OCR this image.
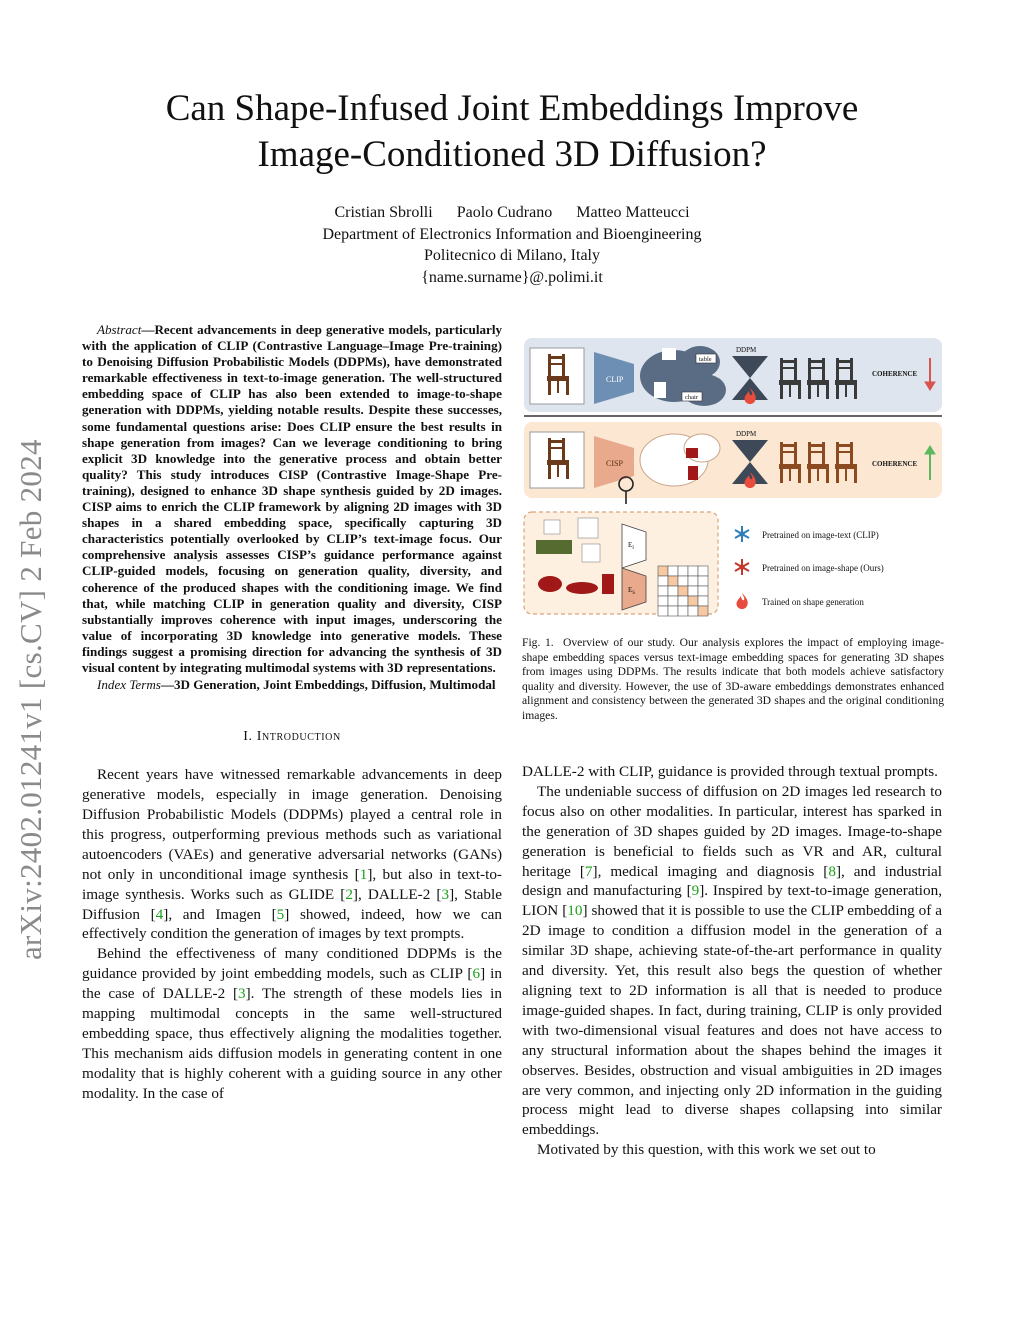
arXiv:2402.01241v1 [cs.CV] 2 Feb 2024
Can Shape-Infused Joint Embeddings Improve
Image-Conditioned 3D Diffusion?
Cristian Sbrolli Paolo Cudrano Matteo Matteucci
Department of Electronics Information and Bioengineering
Politecnico di Milano, Italy
{name.surname}@.polimi.it

Abstract—Recent advancements in deep generative models, particularly with the application of CLIP (Contrastive Language–Image Pre-training) to Denoising Diffusion Probabilistic Models (DDPMs), have demonstrated remarkable effectiveness in text-to-image generation. The well-structured embedding space of CLIP has also been extended to image-to-shape generation with DDPMs, yielding notable results. Despite these successes, some fundamental questions arise: Does CLIP ensure the best results in shape generation from images? Can we leverage conditioning to bring explicit 3D knowledge into the generative process and obtain better quality? This study introduces CISP (Contrastive Image-Shape Pre-training), designed to enhance 3D shape synthesis guided by 2D images. CISP aims to enrich the CLIP framework by aligning 2D images with 3D shapes in a shared embedding space, specifically capturing 3D characteristics potentially overlooked by CLIP’s text-image focus. Our comprehensive analysis assesses CISP’s guidance performance against CLIP-guided models, focusing on generation quality, diversity, and coherence of the produced shapes with the conditioning image. We find that, while matching CLIP in generation quality and diversity, CISP substantially improves coherence with input images, underscoring the value of incorporating 3D knowledge into generative models. These findings suggest a promising direction for advancing the synthesis of 3D visual content by integrating multimodal systems with 3D representations.

Index Terms—3D Generation, Joint Embeddings, Diffusion, Multimodal

I. Introduction

Recent years have witnessed remarkable advancements in deep generative models, especially in image generation. Denoising Diffusion Probabilistic Models (DDPMs) played a central role in this progress, outperforming previous methods such as variational autoencoders (VAEs) and generative adversarial networks (GANs) not only in unconditional image synthesis [1], but also in text-to-image synthesis. Works such as GLIDE [2], DALLE-2 [3], Stable Diffusion [4], and Imagen [5] showed, indeed, how we can effectively condition the generation of images by text prompts.

Behind the effectiveness of many conditioned DDPMs is the guidance provided by joint embedding models, such as CLIP [6] in the case of DALLE-2 [3]. The strength of these models lies in mapping multimodal concepts in the same well-structured embedding space, thus effectively aligning the modalities together. This mechanism aids diffusion models in generating content in one modality that is highly coherent with a guiding source in any other modality. In the case of

CLIP
table
chair
DDPM
COHERENCE
CISP
DDPM
COHERENCE
$E_I$
$E_S$
Pretrained on image-text (CLIP)
Pretrained on image-shape (Ours)
Trained on shape generation

Fig. 1. Overview of our study. Our analysis explores the impact of employing image-shape embedding spaces versus text-image embedding spaces for generating 3D shapes from images using DDPMs. The results indicate that both models achieve satisfactory quality and diversity. However, the use of 3D-aware embeddings demonstrates enhanced alignment and consistency between the generated 3D shapes and the original conditioning images.

DALLE-2 with CLIP, guidance is provided through textual prompts.

The undeniable success of diffusion on 2D images led research to focus also on other modalities. In particular, interest has sparked in the generation of 3D shapes guided by 2D images. Image-to-shape generation is beneficial to fields such as VR and AR, cultural heritage [7], medical imaging and diagnosis [8], and industrial design and manufacturing [9]. Inspired by text-to-image generation, LION [10] showed that it is possible to use the CLIP embedding of a 2D image to condition a diffusion model in the generation of a similar 3D shape, achieving state-of-the-art performance in quality and diversity. Yet, this result also begs the question of whether aligning text to 2D information is all that is needed to produce image-guided shapes. In fact, during training, CLIP is only provided with two-dimensional visual features and does not have access to any structural information about the shapes behind the images it observes. Besides, obstruction and visual ambiguities in 2D images are very common, and injecting only 2D information in the guiding process might lead to diverse shapes collapsing into similar embeddings.

Motivated by this question, with this work we set out to
